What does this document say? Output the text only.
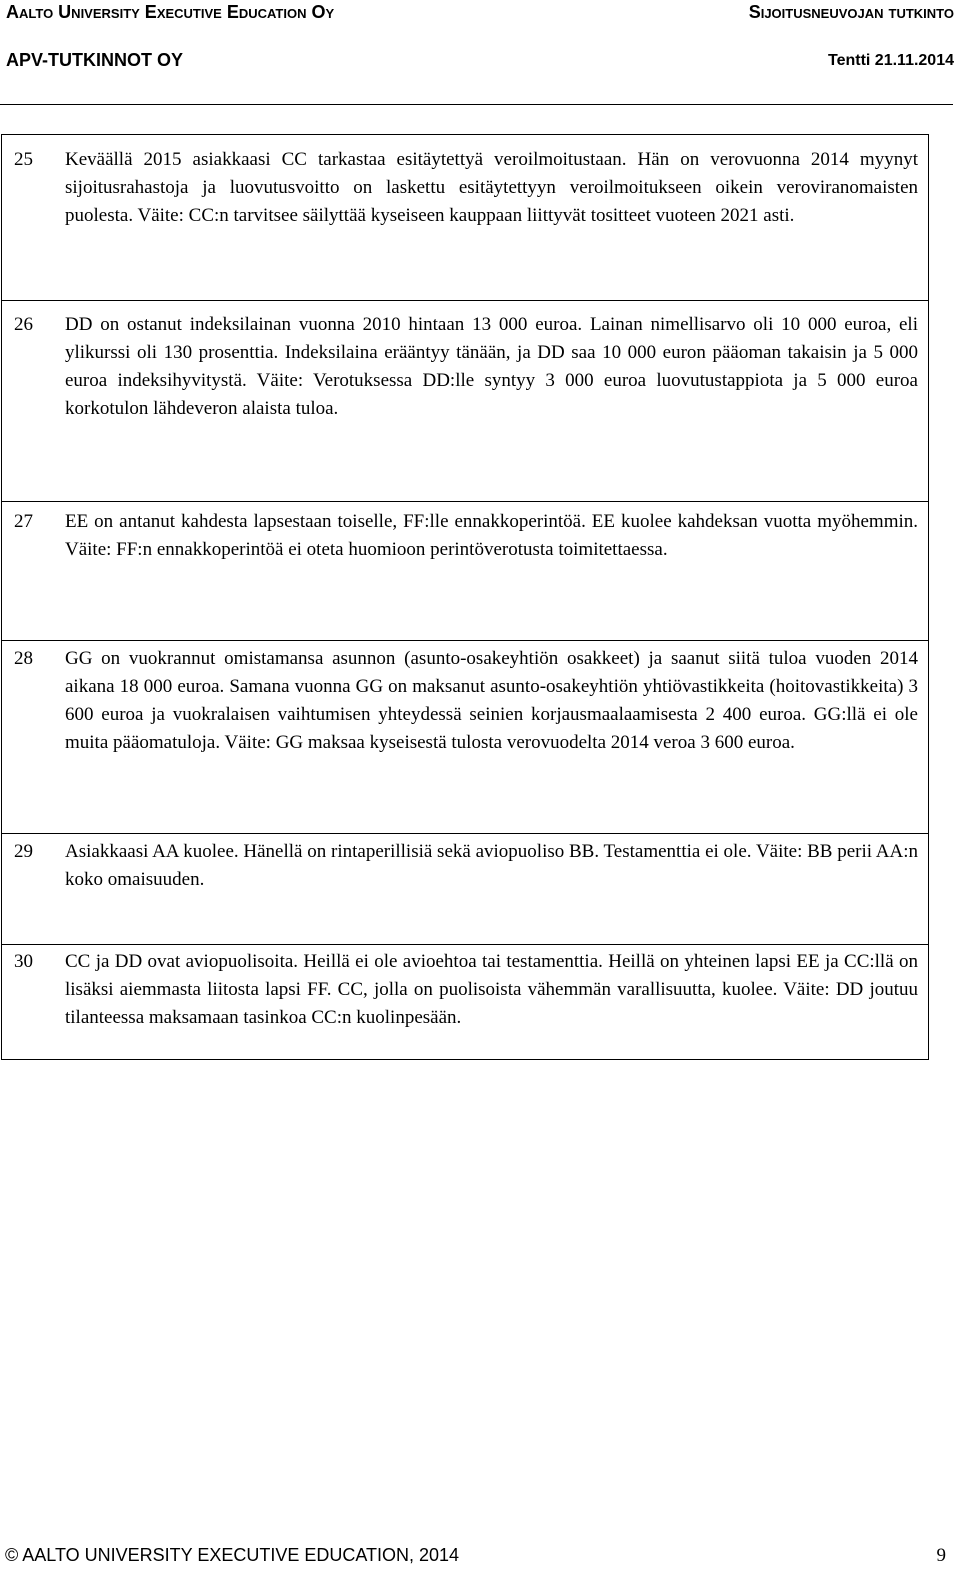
Aalto University Executive Education Oy	Sijoitusneuvojan tutkinto
APV-TUTKINNOT OY	Tentti 21.11.2014
25 Keväällä 2015 asiakkaasi CC tarkastaa esitäytettyä veroilmoitustaan. Hän on verovuonna 2014 myynyt sijoitusrahastoja ja luovutusvoitto on laskettu esitäytettyyn veroilmoitukseen oikein veroviranomaisten puolesta. Väite: CC:n tarvitsee säilyttää kyseiseen kauppaan liittyvät tositteet vuoteen 2021 asti.
26 DD on ostanut indeksilainan vuonna 2010 hintaan 13 000 euroa. Lainan nimellisarvo oli 10 000 euroa, eli ylikurssi oli 130 prosenttia. Indeksilaina erääntyy tänään, ja DD saa 10 000 euron pääoman takaisin ja 5 000 euroa indeksihyvitystä. Väite: Verotuksessa DD:lle syntyy 3 000 euroa luovutustappiota ja 5 000 euroa korkotulon lähdeveron alaista tuloa.
27 EE on antanut kahdesta lapsestaan toiselle, FF:lle ennakkoperintöä. EE kuolee kahdeksan vuotta myöhemmin. Väite: FF:n ennakkoperintöä ei oteta huomioon perintöverotusta toimitettaessa.
28 GG on vuokrannut omistamansa asunnon (asunto-osakeyhtiön osakkeet) ja saanut siitä tuloa vuoden 2014 aikana 18 000 euroa. Samana vuonna GG on maksanut asunto-osakeyhtiön yhtiövastikkeita (hoitovastikkeita) 3 600 euroa ja vuokralaisen vaihtumisen yhteydessä seinien korjausmaalaamisesta 2 400 euroa. GG:llä ei ole muita pääomatuloja. Väite: GG maksaa kyseisestä tulosta verovuodelta 2014 veroa 3 600 euroa.
29 Asiakkaasi AA kuolee. Hänellä on rintaperillisiä sekä aviopuoliso BB. Testamenttia ei ole. Väite: BB perii AA:n koko omaisuuden.
30 CC ja DD ovat aviopuolisoita. Heillä ei ole avioehtoa tai testamenttia. Heillä on yhteinen lapsi EE ja CC:llä on lisäksi aiemmasta liitosta lapsi FF. CC, jolla on puolisoista vähemmän varallisuutta, kuolee. Väite: DD joutuu tilanteessa maksamaan tasinkoa CC:n kuolinpesään.
© AALTO UNIVERSITY EXECUTIVE EDUCATION, 2014	9
